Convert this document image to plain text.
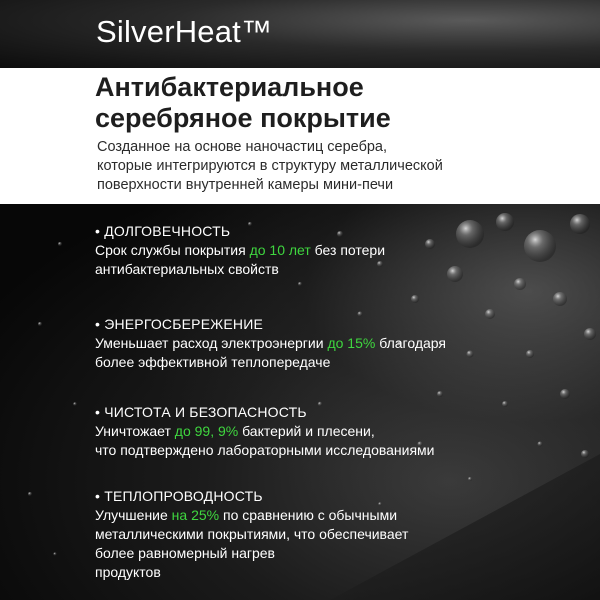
SilverHeat™
Антибактериальное
серебряное покрытие
Созданное на основе наночастиц серебра,
которые интегрируются в структуру металлической
поверхности внутренней камеры мини-печи
• ДОЛГОВЕЧНОСТЬ
Срок службы покрытия до 10 лет без потери
антибактериальных свойств
• ЭНЕРГОСБЕРЕЖЕНИЕ
Уменьшает расход электроэнергии до 15% благодаря
более эффективной теплопередаче
• ЧИСТОТА И БЕЗОПАСНОСТЬ
Уничтожает до 99, 9% бактерий и плесени,
что подтверждено лабораторными исследованиями
• ТЕПЛОПРОВОДНОСТЬ
Улучшение на 25% по сравнению с обычными
металлическими покрытиями, что обеспечивает
более равномерный нагрев
продуктов
